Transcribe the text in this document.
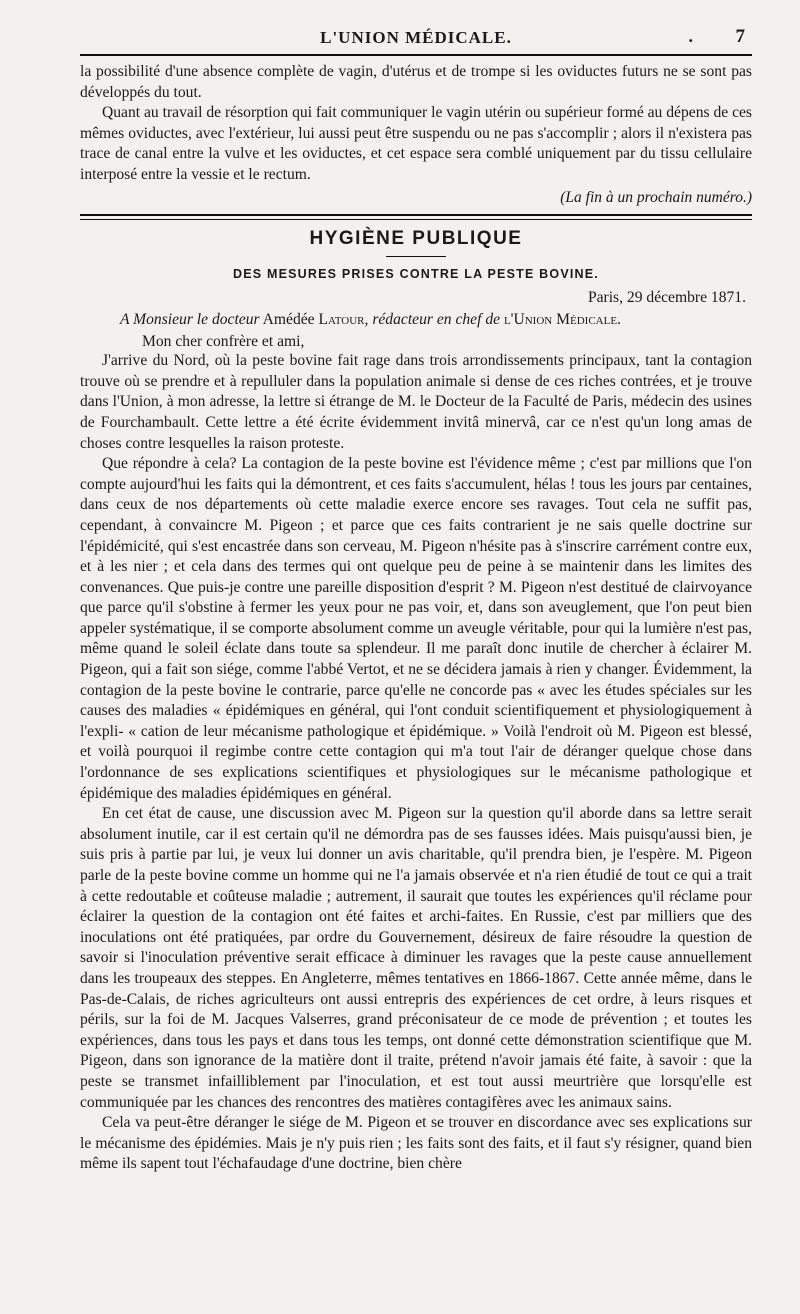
L'UNION MÉDICALE.	. 7

la possibilité d'une absence complète de vagin, d'utérus et de trompe si les oviductes futurs ne se sont pas développés du tout.

Quant au travail de résorption qui fait communiquer le vagin utérin ou supérieur formé au dépens de ces mêmes oviductes, avec l'extérieur, lui aussi peut être suspendu ou ne pas s'accomplir ; alors il n'existera pas trace de canal entre la vulve et les oviductes, et cet espace sera comblé uniquement par du tissu cellulaire interposé entre la vessie et le rectum.

(La fin à un prochain numéro.)
HYGIÈNE PUBLIQUE
DES MESURES PRISES CONTRE LA PESTE BOVINE.
Paris, 29 décembre 1871.
A Monsieur le docteur Amédée Latour, rédacteur en chef de l'Union Médicale.
Mon cher confrère et ami,

J'arrive du Nord, où la peste bovine fait rage dans trois arrondissements principaux, tant la contagion trouve où se prendre et à repulluler dans la population animale si dense de ces riches contrées, et je trouve dans l'Union, à mon adresse, la lettre si étrange de M. le Docteur de la Faculté de Paris, médecin des usines de Fourchambault. Cette lettre a été écrite évidemment invitâ minervâ, car ce n'est qu'un long amas de choses contre lesquelles la raison proteste.

Que répondre à cela? La contagion de la peste bovine est l'évidence même ; c'est par millions que l'on compte aujourd'hui les faits qui la démontrent, et ces faits s'accumulent, hélas ! tous les jours par centaines, dans ceux de nos départements où cette maladie exerce encore ses ravages. Tout cela ne suffit pas, cependant, à convaincre M. Pigeon ; et parce que ces faits contrarient je ne sais quelle doctrine sur l'épidémicité, qui s'est encastrée dans son cerveau, M. Pigeon n'hésite pas à s'inscrire carrément contre eux, et à les nier ; et cela dans des termes qui ont quelque peu de peine à se maintenir dans les limites des convenances. Que puis-je contre une pareille disposition d'esprit ? M. Pigeon n'est destitué de clairvoyance que parce qu'il s'obstine à fermer les yeux pour ne pas voir, et, dans son aveuglement, que l'on peut bien appeler systématique, il se comporte absolument comme un aveugle véritable, pour qui la lumière n'est pas, même quand le soleil éclate dans toute sa splendeur. Il me paraît donc inutile de chercher à éclairer M. Pigeon, qui a fait son siége, comme l'abbé Vertot, et ne se décidera jamais à rien y changer. Évidemment, la contagion de la peste bovine le contrarie, parce qu'elle ne concorde pas « avec les études spéciales sur les causes des maladies « épidémiques en général, qui l'ont conduit scientifiquement et physiologiquement à l'expli- « cation de leur mécanisme pathologique et épidémique. » Voilà l'endroit où M. Pigeon est blessé, et voilà pourquoi il regimbe contre cette contagion qui m'a tout l'air de déranger quelque chose dans l'ordonnance de ses explications scientifiques et physiologiques sur le mécanisme pathologique et épidémique des maladies épidémiques en général.

En cet état de cause, une discussion avec M. Pigeon sur la question qu'il aborde dans sa lettre serait absolument inutile, car il est certain qu'il ne démordra pas de ses fausses idées. Mais puisqu'aussi bien, je suis pris à partie par lui, je veux lui donner un avis charitable, qu'il prendra bien, je l'espère. M. Pigeon parle de la peste bovine comme un homme qui ne l'a jamais observée et n'a rien étudié de tout ce qui a trait à cette redoutable et coûteuse maladie ; autrement, il saurait que toutes les expériences qu'il réclame pour éclairer la question de la contagion ont été faites et archi-faites. En Russie, c'est par milliers que des inoculations ont été pratiquées, par ordre du Gouvernement, désireux de faire résoudre la question de savoir si l'inoculation préventive serait efficace à diminuer les ravages que la peste cause annuellement dans les troupeaux des steppes. En Angleterre, mêmes tentatives en 1866-1867. Cette année même, dans le Pas-de-Calais, de riches agriculteurs ont aussi entrepris des expériences de cet ordre, à leurs risques et périls, sur la foi de M. Jacques Valserres, grand préconisateur de ce mode de prévention ; et toutes les expériences, dans tous les pays et dans tous les temps, ont donné cette démonstration scientifique que M. Pigeon, dans son ignorance de la matière dont il traite, prétend n'avoir jamais été faite, à savoir : que la peste se transmet infailliblement par l'inoculation, et est tout aussi meurtrière que lorsqu'elle est communiquée par les chances des rencontres des matières contagifères avec les animaux sains.

Cela va peut-être déranger le siége de M. Pigeon et se trouver en discordance avec ses explications sur le mécanisme des épidémies. Mais je n'y puis rien ; les faits sont des faits, et il faut s'y résigner, quand bien même ils sapent tout l'échafaudage d'une doctrine, bien chère
